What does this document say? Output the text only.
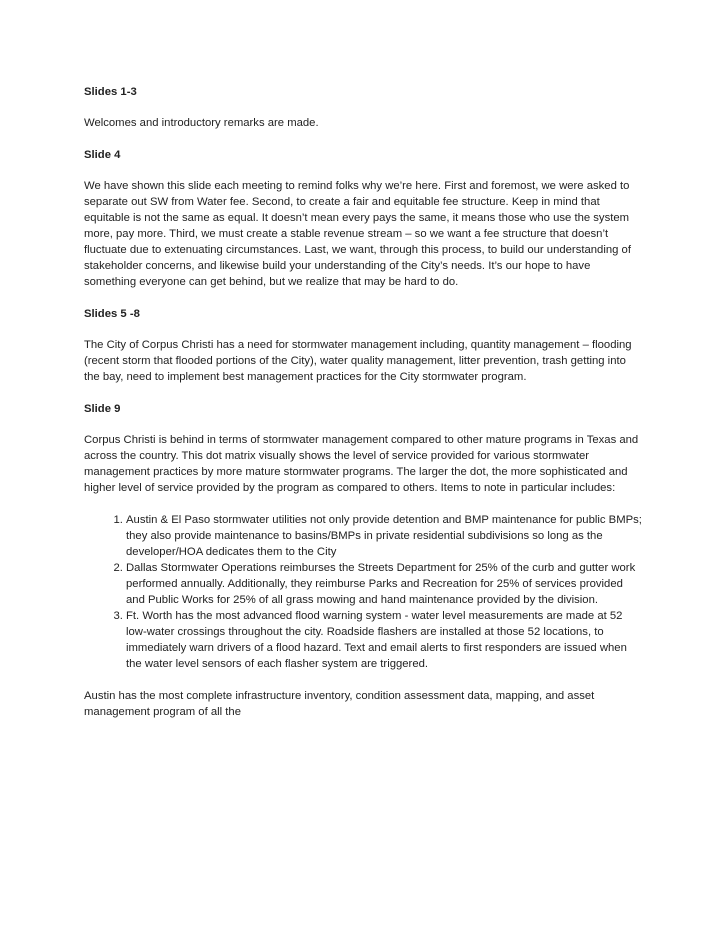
Slides 1-3

Welcomes and introductory remarks are made.

Slide 4

We have shown this slide each meeting to remind folks why we’re here. First and foremost, we were asked to separate out SW from Water fee. Second, to create a fair and equitable fee structure. Keep in mind that equitable is not the same as equal. It doesn’t mean every pays the same, it means those who use the system more, pay more. Third, we must create a stable revenue stream – so we want a fee structure that doesn’t fluctuate due to extenuating circumstances. Last, we want, through this process, to build our understanding of stakeholder concerns, and likewise build your understanding of the City’s needs. It’s our hope to have something everyone can get behind, but we realize that may be hard to do.

Slides 5 -8

The City of Corpus Christi has a need for stormwater management including, quantity management – flooding (recent storm that flooded portions of the City), water quality management, litter prevention, trash getting into the bay, need to implement best management practices for the City stormwater program.

Slide 9

Corpus Christi is behind in terms of stormwater management compared to other mature programs in Texas and across the country. This dot matrix visually shows the level of service provided for various stormwater management practices by more mature stormwater programs. The larger the dot, the more sophisticated and higher level of service provided by the program as compared to others. Items to note in particular includes:

1. Austin & El Paso stormwater utilities not only provide detention and BMP maintenance for public BMPs; they also provide maintenance to basins/BMPs in private residential subdivisions so long as the developer/HOA dedicates them to the City
2. Dallas Stormwater Operations reimburses the Streets Department for 25% of the curb and gutter work performed annually. Additionally, they reimburse Parks and Recreation for 25% of services provided and Public Works for 25% of all grass mowing and hand maintenance provided by the division.
3. Ft. Worth has the most advanced flood warning system - water level measurements are made at 52 low-water crossings throughout the city. Roadside flashers are installed at those 52 locations, to immediately warn drivers of a flood hazard. Text and email alerts to first responders are issued when the water level sensors of each flasher system are triggered.

Austin has the most complete infrastructure inventory, condition assessment data, mapping, and asset management program of all the
